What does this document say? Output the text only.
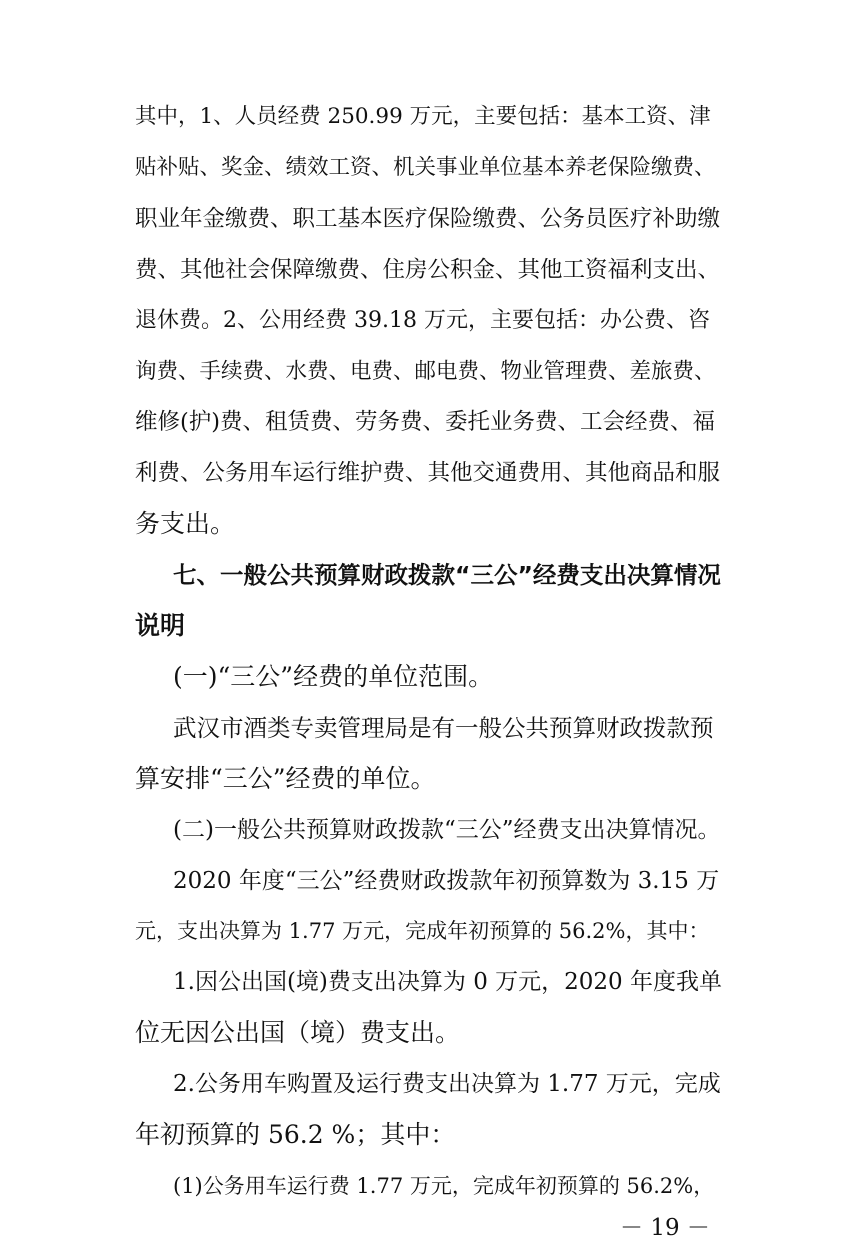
其中，1、人员经费 250.99 万元，主要包括：基本工资、津

贴补贴、奖金、绩效工资、机关事业单位基本养老保险缴费、

职业年金缴费、职工基本医疗保险缴费、公务员医疗补助缴

费、其他社会保障缴费、住房公积金、其他工资福利支出、

退休费。2、公用经费 39.18 万元，主要包括：办公费、咨

询费、手续费、水费、电费、邮电费、物业管理费、差旅费、

维修(护)费、租赁费、劳务费、委托业务费、工会经费、福

利费、公务用车运行维护费、其他交通费用、其他商品和服

务支出。

七、一般公共预算财政拨款“三公”经费支出决算情况

说明

(一)“三公”经费的单位范围。

武汉市酒类专卖管理局是有一般公共预算财政拨款预

算安排“三公”经费的单位。

(二)一般公共预算财政拨款“三公”经费支出决算情况。

2020 年度“三公”经费财政拨款年初预算数为 3.15 万

元，支出决算为 1.77 万元，完成年初预算的 56.2%，其中：

1.因公出国(境)费支出决算为 0 万元，2020 年度我单

位无因公出国（境）费支出。

2.公务用车购置及运行费支出决算为 1.77 万元，完成

年初预算的 56.2 %；其中：

(1)公务用车运行费 1.77 万元，完成年初预算的 56.2%，

－ 19 －
